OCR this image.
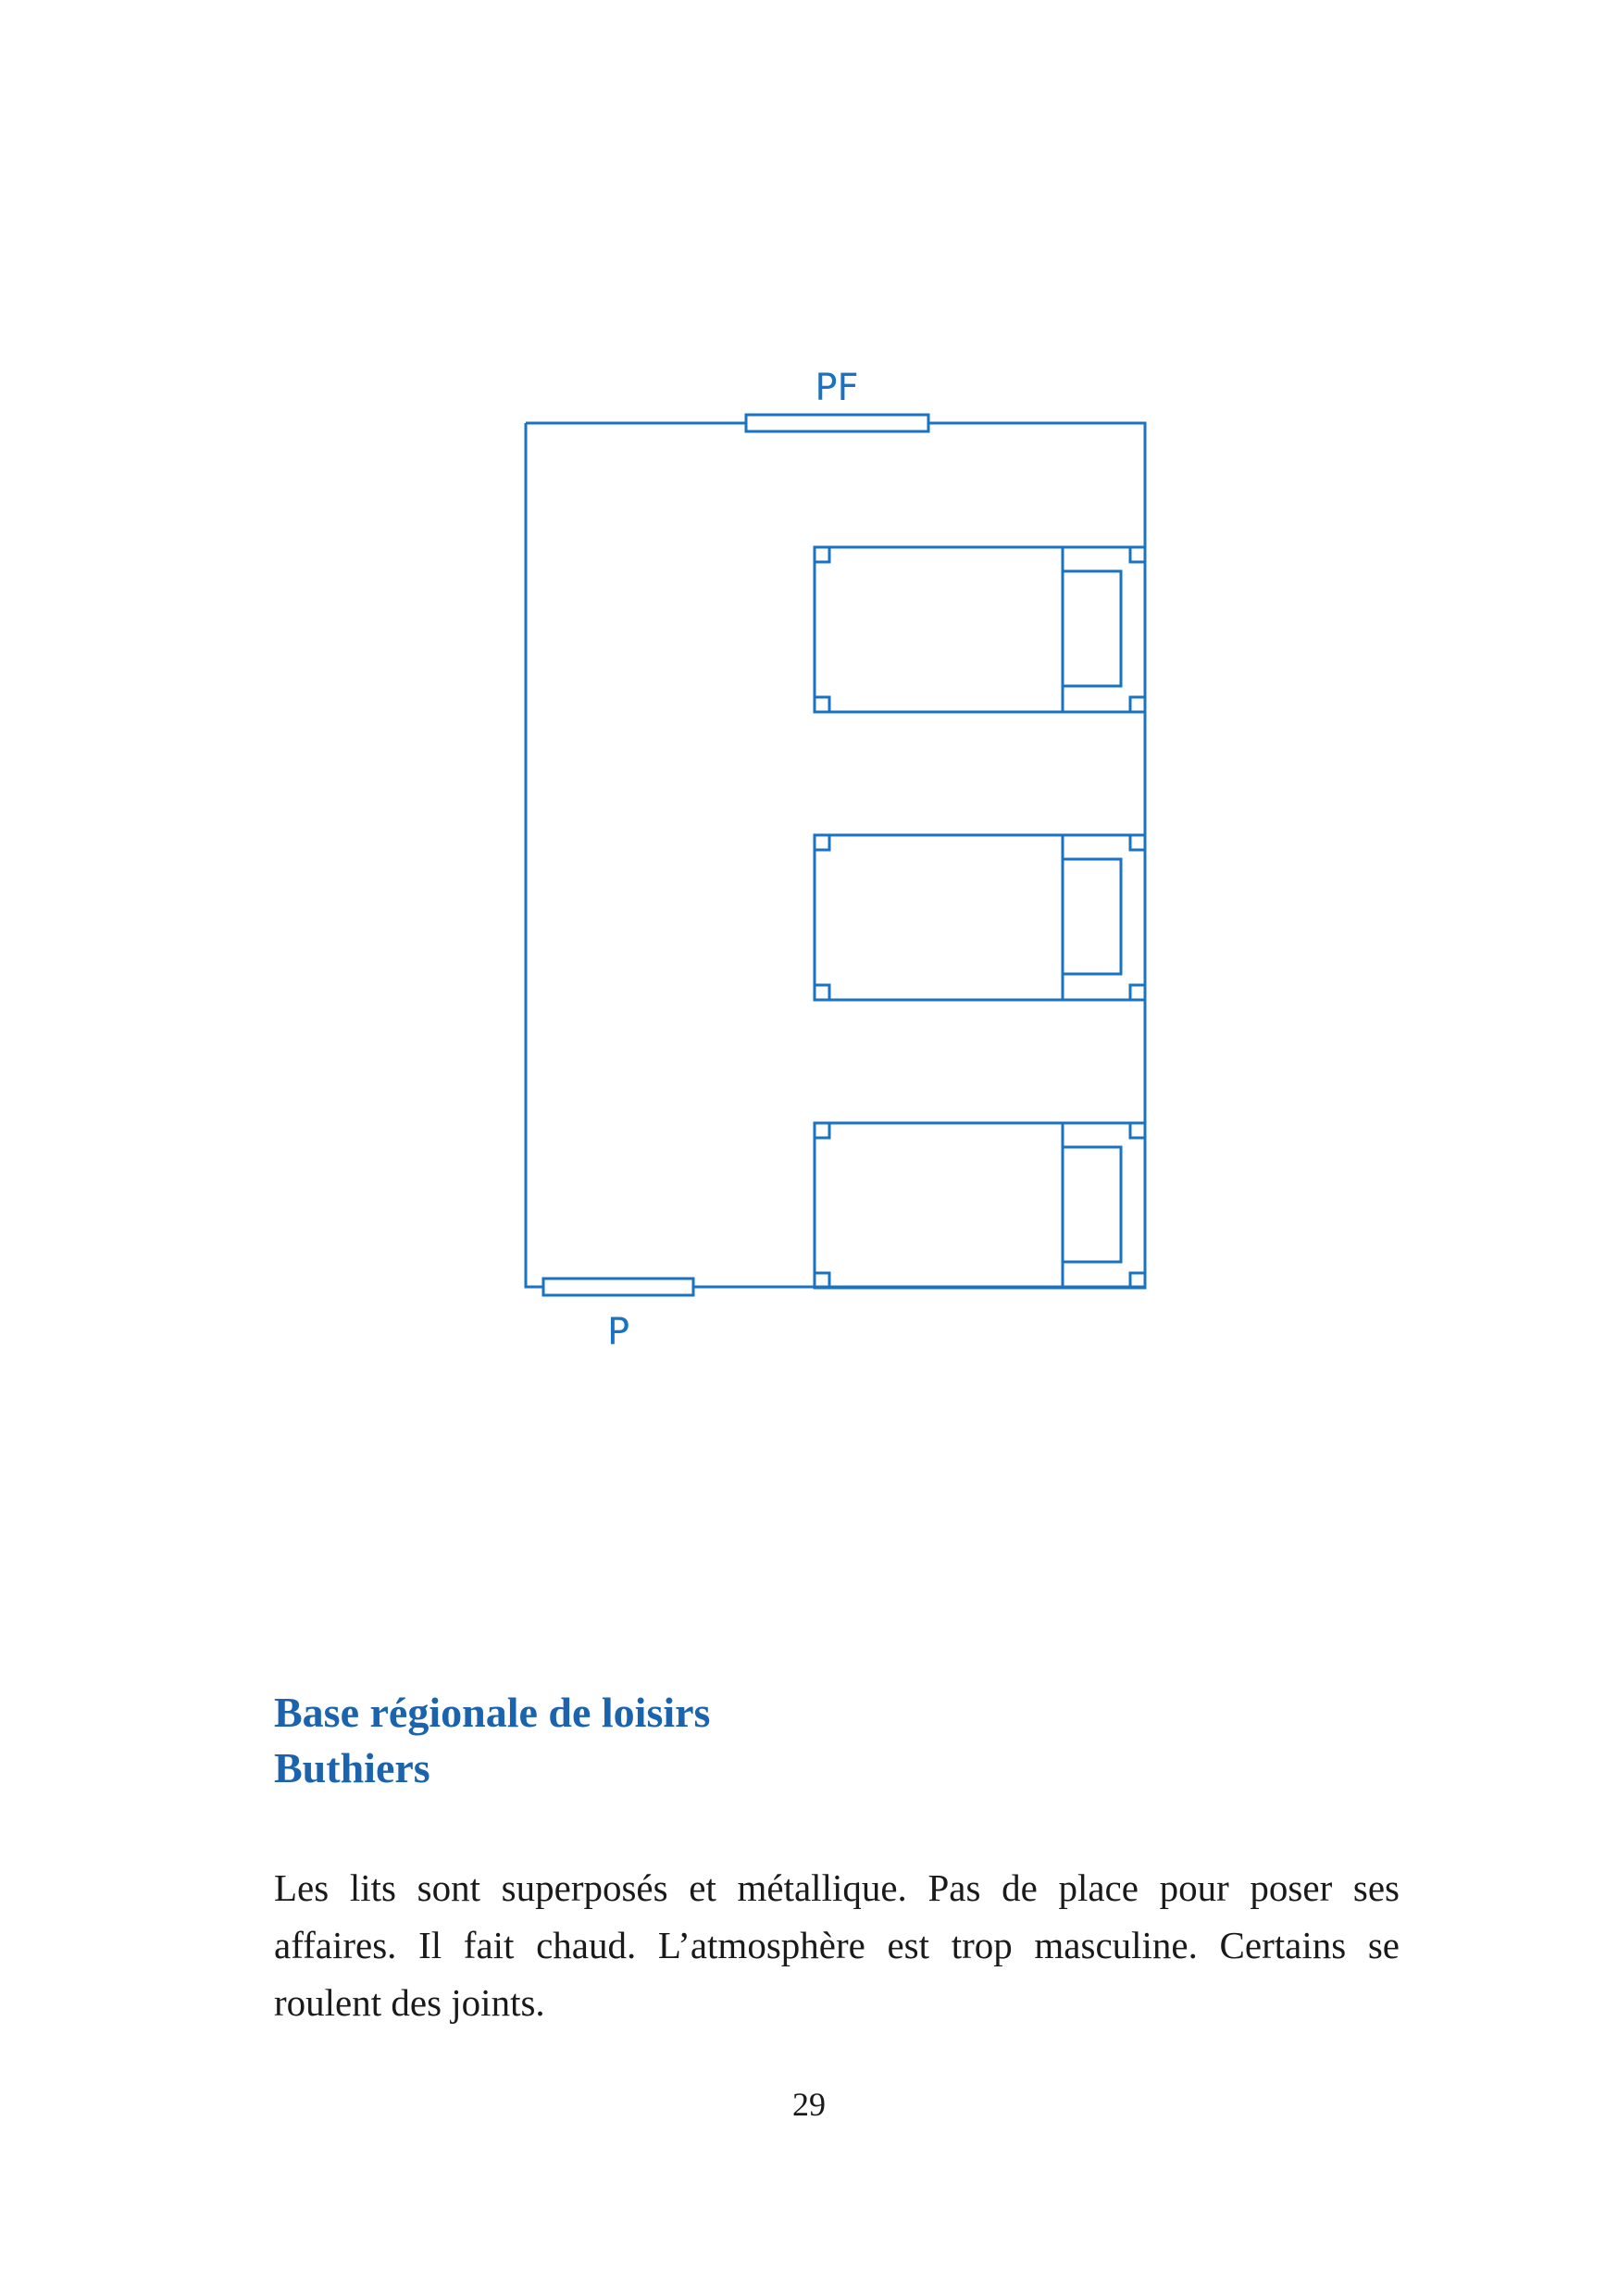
PF
P
Base régionale de loisirs
Buthiers

Les lits sont superposés et métallique. Pas de place pour poser ses affaires. Il fait chaud. L’atmosphère est trop masculine. Certains se roulent des joints.

29
